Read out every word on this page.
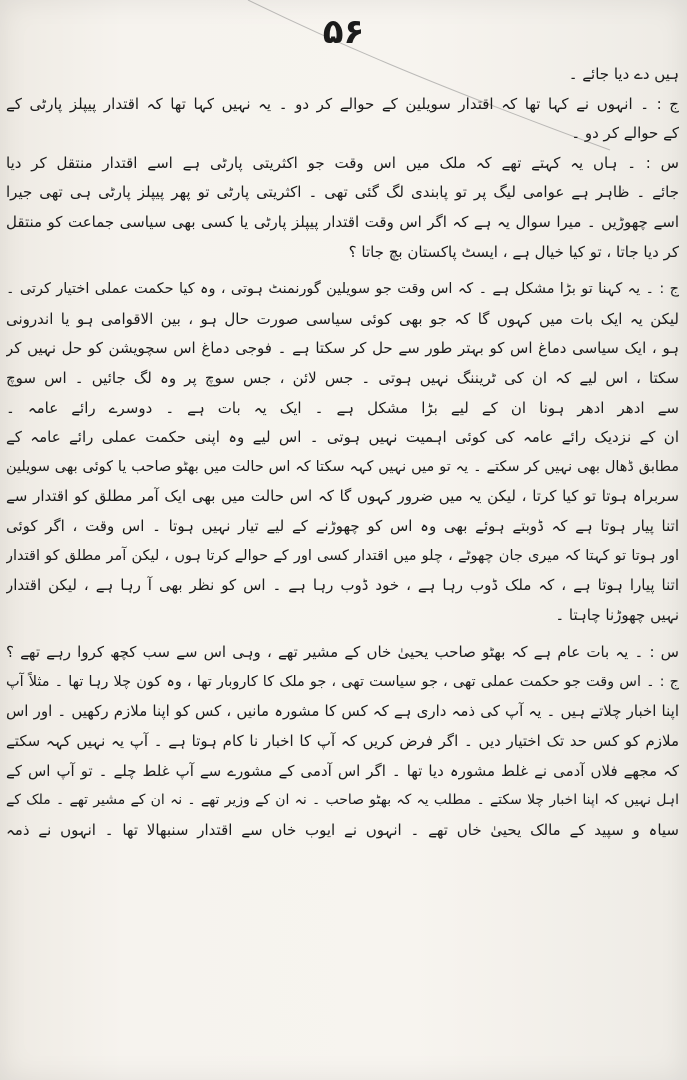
۵۶
ہیں دے دیا جائے ۔
ج : ۔ انہوں نے کہا تھا کہ اقتدار سویلین کے حوالے کر دو ۔ یہ نہیں کہا تھا کہ اقتدار پیپلز پارٹی کے
کے حوالے کر دو ۔
س : ۔ ہاں یہ کہتے تھے کہ ملک میں اس وقت جو اکثریتی پارٹی ہے اسے اقتدار منتقل کر دیا
جائے ۔ ظاہر ہے عوامی لیگ پر تو پابندی لگ گئی تھی ۔ اکثریتی پارٹی تو پھر پیپلز پارٹی ہی تھی جیرا
اسے چھوڑیں ۔ میرا سوال یہ ہے کہ اگر اس وقت اقتدار پیپلز پارٹی یا کسی بھی سیاسی جماعت کو منتقل
کر دیا جاتا ، تو کیا خیال ہے ، ایسٹ پاکستان بچ جاتا ؟
ج : ۔ یہ کہنا تو بڑا مشکل ہے ۔ کہ اس وقت جو سویلین گورنمنٹ ہوتی ، وہ کیا حکمت عملی اختیار کرتی ۔
لیکن یہ ایک بات میں کہوں گا کہ جو بھی کوئی سیاسی صورت حال ہو ، بین الاقوامی ہو یا اندرونی
ہو ، ایک سیاسی دماغ اس کو بہتر طور سے حل کر سکتا ہے ۔ فوجی دماغ اس سچویشن کو حل نہیں کر
سکتا ، اس لیے کہ ان کی ٹریننگ نہیں ہوتی ۔ جس لائن ، جس سوچ پر وہ لگ جائیں ۔ اس سوچ
سے ادھر ادھر ہونا ان کے لیے بڑا مشکل ہے ۔ ایک یہ بات ہے ۔ دوسرے رائے عامہ ۔
ان کے نزدیک رائے عامہ کی کوئی اہمیت نہیں ہوتی ۔ اس لیے وہ اپنی حکمت عملی رائے عامہ کے
مطابق ڈھال بھی نہیں کر سکتے ۔ یہ تو میں نہیں کہہ سکتا کہ اس حالت میں بھٹو صاحب یا کوئی بھی سویلین
سربراہ ہوتا تو کیا کرتا ، لیکن یہ میں ضرور کہوں گا کہ اس حالت میں بھی ایک آمر مطلق کو اقتدار سے
اتنا پیار ہوتا ہے کہ ڈوبتے ہوئے بھی وہ اس کو چھوڑنے کے لیے تیار نہیں ہوتا ۔ اس وقت ، اگر کوئی
اور ہوتا تو کہتا کہ میری جان چھوٹے ، چلو میں اقتدار کسی اور کے حوالے کرتا ہوں ، لیکن آمر مطلق کو اقتدار
اتنا پیارا ہوتا ہے ، کہ ملک ڈوب رہا ہے ، خود ڈوب رہا ہے ۔ اس کو نظر بھی آ رہا ہے ، لیکن اقتدار
نہیں چھوڑنا چاہتا ۔
س : ۔ یہ بات عام ہے کہ بھٹو صاحب یحییٰ خاں کے مشیر تھے ، وہی اس سے سب کچھ کروا رہے تھے ؟
ج : ۔ اس وقت جو حکمت عملی تھی ، جو سیاست تھی ، جو ملک کا کاروبار تھا ، وہ کون چلا رہا تھا ۔ مثلاً آپ
اپنا اخبار چلاتے ہیں ۔ یہ آپ کی ذمہ داری ہے کہ کس کا مشورہ مانیں ، کس کو اپنا ملازم رکھیں ۔ اور اس
ملازم کو کس حد تک اختیار دیں ۔ اگر فرض کریں کہ آپ کا اخبار نا کام ہوتا ہے ۔ آپ یہ نہیں کہہ سکتے
کہ مجھے فلاں آدمی نے غلط مشورہ دیا تھا ۔ اگر اس آدمی کے مشورے سے آپ غلط چلے ۔ تو آپ اس کے
اہل نہیں کہ اپنا اخبار چلا سکتے ۔ مطلب یہ کہ بھٹو صاحب ۔ نہ ان کے وزیر تھے ۔ نہ ان کے مشیر تھے ۔ ملک کے
سیاہ و سپید کے مالک یحییٰ خاں تھے ۔ انہوں نے ایوب خاں سے اقتدار سنبھالا تھا ۔ انہوں نے ذمہ
